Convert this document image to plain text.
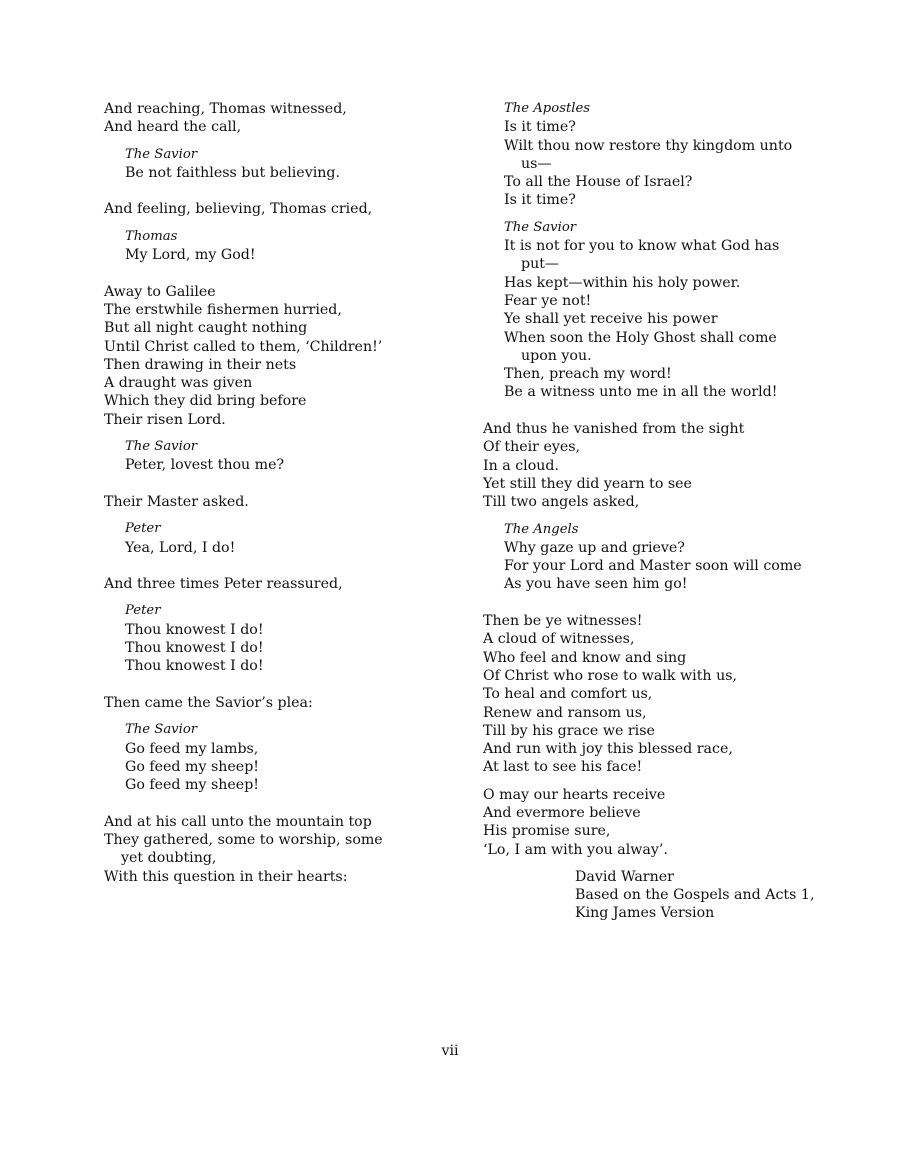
And reaching, Thomas witnessed,
And heard the call,
The Savior
Be not faithless but believing.
And feeling, believing, Thomas cried,
Thomas
My Lord, my God!
Away to Galilee
The erstwhile fishermen hurried,
But all night caught nothing
Until Christ called to them, ‘Children!’
Then drawing in their nets
A draught was given
Which they did bring before
Their risen Lord.
The Savior
Peter, lovest thou me?
Their Master asked.
Peter
Yea, Lord, I do!
And three times Peter reassured,
Peter
Thou knowest I do!
Thou knowest I do!
Thou knowest I do!
Then came the Savior’s plea:
The Savior
Go feed my lambs,
Go feed my sheep!
Go feed my sheep!
And at his call unto the mountain top
They gathered, some to worship, some yet doubting,
With this question in their hearts:
The Apostles
Is it time?
Wilt thou now restore thy kingdom unto us—
To all the House of Israel?
Is it time?
The Savior
It is not for you to know what God has put—
Has kept—within his holy power.
Fear ye not!
Ye shall yet receive his power
When soon the Holy Ghost shall come upon you.
Then, preach my word!
Be a witness unto me in all the world!
And thus he vanished from the sight
Of their eyes,
In a cloud.
Yet still they did yearn to see
Till two angels asked,
The Angels
Why gaze up and grieve?
For your Lord and Master soon will come
As you have seen him go!
Then be ye witnesses!
A cloud of witnesses,
Who feel and know and sing
Of Christ who rose to walk with us,
To heal and comfort us,
Renew and ransom us,
Till by his grace we rise
And run with joy this blessed race,
At last to see his face!
O may our hearts receive
And evermore believe
His promise sure,
‘Lo, I am with you alway’.
David Warner
Based on the Gospels and Acts 1,
King James Version
vii
